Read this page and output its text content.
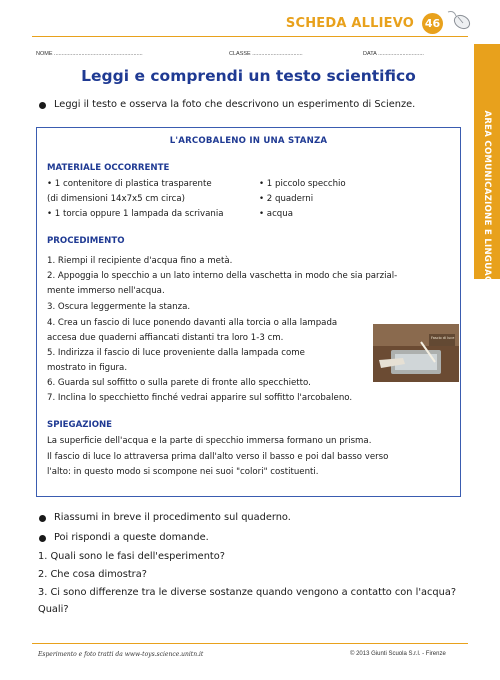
SCHEDA ALLIEVO 46
NOME ..........................................................	CLASSE .................................	DATA ..............................
AREA COMUNICAZIONE E LINGUAGGIO
Leggi e comprendi un testo scientifico
Leggi il testo e osserva la foto che descrivono un esperimento di Scienze.
L'ARCOBALENO IN UNA STANZA
MATERIALE OCCORRENTE
• 1 contenitore di plastica trasparente
(di dimensioni 14x7x5 cm circa)
• 1 torcia oppure 1 lampada da scrivania
• 1 piccolo specchio
• 2 quaderni
• acqua
PROCEDIMENTO
1. Riempi il recipiente d'acqua fino a metà.
2. Appoggia lo specchio a un lato interno della vaschetta in modo che sia parzial-
mente immerso nell'acqua.
3. Oscura leggermente la stanza.
4. Crea un fascio di luce ponendo davanti alla torcia o alla lampada
accesa due quaderni affiancati distanti tra loro 1-3 cm.
5. Indirizza il fascio di luce proveniente dalla lampada come
mostrato in figura.
6. Guarda sul soffitto o sulla parete di fronte allo specchietto.
7. Inclina lo specchietto finché vedrai apparire sul soffitto l'arcobaleno.
Fascio di luce
SPIEGAZIONE
La superficie dell'acqua e la parte di specchio immersa formano un prisma.
Il fascio di luce lo attraversa prima dall'alto verso il basso e poi dal basso verso
l'alto: in questo modo si scompone nei suoi "colori" costituenti.
Riassumi in breve il procedimento sul quaderno.
Poi rispondi a queste domande.
1. Quali sono le fasi dell'esperimento?
2. Che cosa dimostra?
3. Ci sono differenze tra le diverse sostanze quando vengono a contatto con l'acqua?
Quali?
Esperimento e foto tratti da www-toys.science.unitn.it	© 2013 Giunti Scuola S.r.l. - Firenze
